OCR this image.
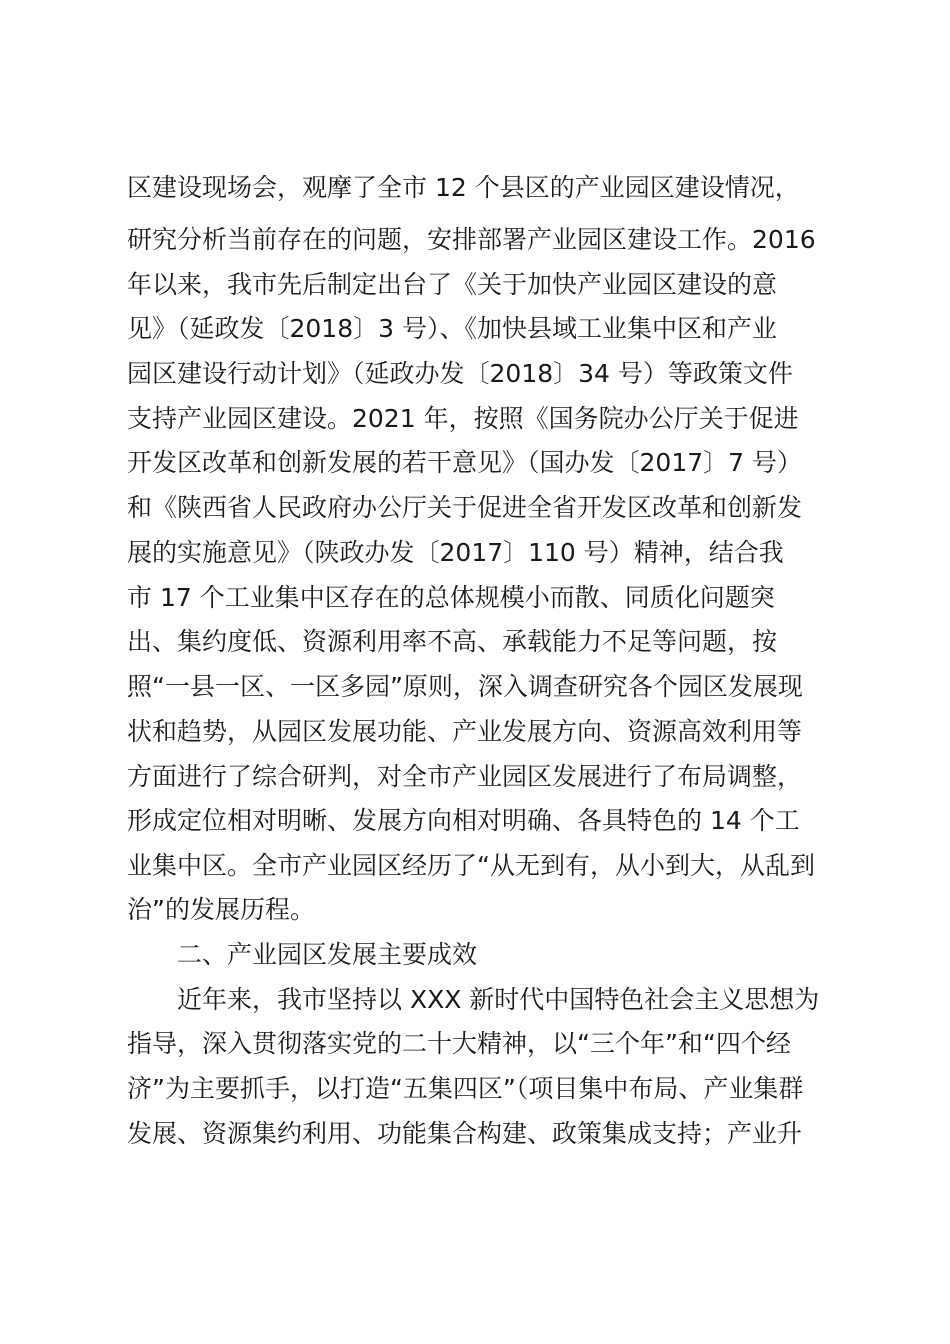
区建设现场会，观摩了全市 12 个县区的产业园区建设情况，
研究分析当前存在的问题，安排部署产业园区建设工作。2016
年以来，我市先后制定出台了《关于加快产业园区建设的意
见》（延政发〔2018〕3 号）、《加快县域工业集中区和产业
园区建设行动计划》（延政办发〔2018〕34 号）等政策文件
支持产业园区建设。2021 年，按照《国务院办公厅关于促进
开发区改革和创新发展的若干意见》（国办发〔2017〕7 号）
和《陕西省人民政府办公厅关于促进全省开发区改革和创新发
展的实施意见》（陕政办发〔2017〕110 号）精神，结合我
市 17 个工业集中区存在的总体规模小而散、同质化问题突
出、集约度低、资源利用率不高、承载能力不足等问题，按
照“一县一区、一区多园”原则，深入调查研究各个园区发展现
状和趋势，从园区发展功能、产业发展方向、资源高效利用等
方面进行了综合研判，对全市产业园区发展进行了布局调整，
形成定位相对明晰、发展方向相对明确、各具特色的 14 个工
业集中区。全市产业园区经历了“从无到有，从小到大，从乱到
治”的发展历程。
二、产业园区发展主要成效
近年来，我市坚持以 XXX 新时代中国特色社会主义思想为
指导，深入贯彻落实党的二十大精神，以“三个年”和“四个经
济”为主要抓手，以打造“五集四区”（项目集中布局、产业集群
发展、资源集约利用、功能集合构建、政策集成支持；产业升
